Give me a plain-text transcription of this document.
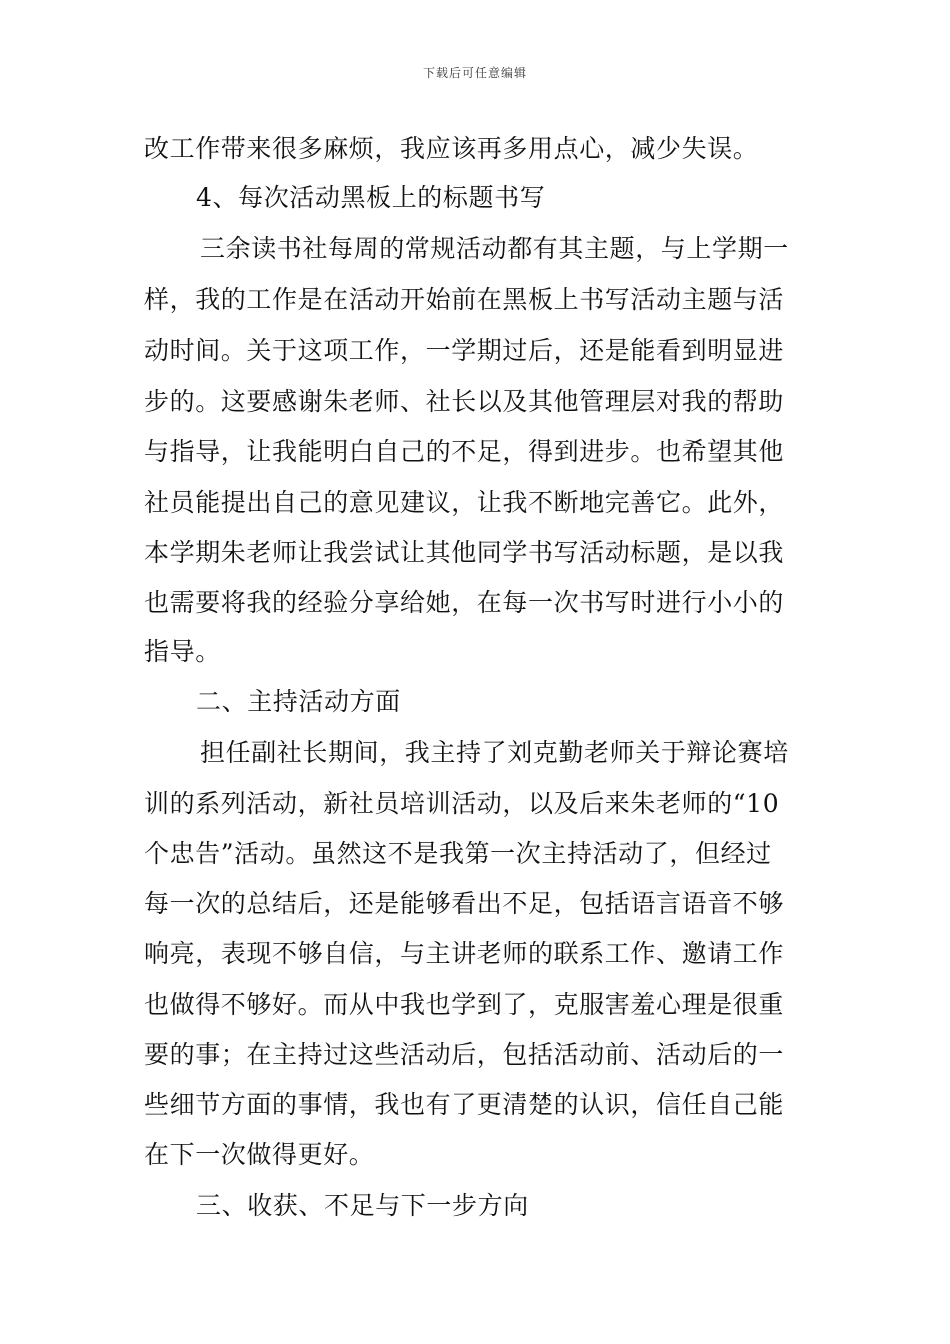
下载后可任意编辑
改工作带来很多麻烦，我应该再多用点心，减少失误。
4、每次活动黑板上的标题书写
三余读书社每周的常规活动都有其主题，与上学期一
样，我的工作是在活动开始前在黑板上书写活动主题与活
动时间。关于这项工作，一学期过后，还是能看到明显进
步的。这要感谢朱老师、社长以及其他管理层对我的帮助
与指导，让我能明白自己的不足，得到进步。也希望其他
社员能提出自己的意见建议，让我不断地完善它。此外，
本学期朱老师让我尝试让其他同学书写活动标题，是以我
也需要将我的经验分享给她，在每一次书写时进行小小的
指导。
二、主持活动方面
担任副社长期间，我主持了刘克勤老师关于辩论赛培
训的系列活动，新社员培训活动，以及后来朱老师的“10
个忠告”活动。虽然这不是我第一次主持活动了，但经过
每一次的总结后，还是能够看出不足，包括语言语音不够
响亮，表现不够自信，与主讲老师的联系工作、邀请工作
也做得不够好。而从中我也学到了，克服害羞心理是很重
要的事；在主持过这些活动后，包括活动前、活动后的一
些细节方面的事情，我也有了更清楚的认识，信任自己能
在下一次做得更好。
三、收获、不足与下一步方向
